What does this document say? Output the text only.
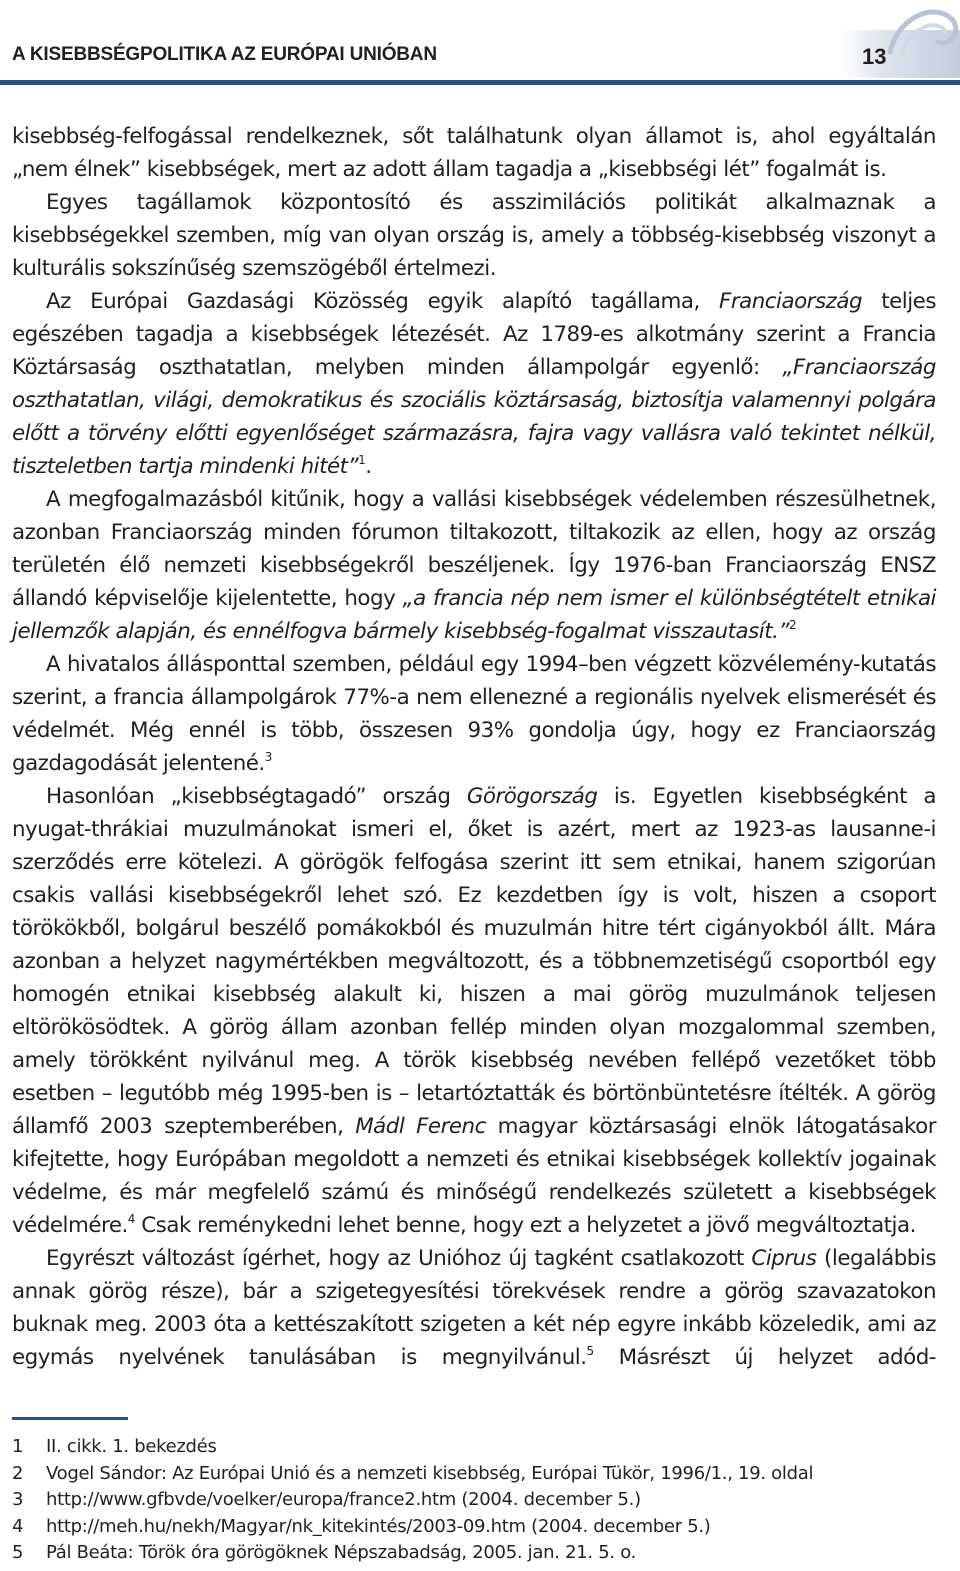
A KISEBBSÉGPOLITIKA AZ EURÓPAI UNIÓBAN	13

kisebbség-felfogással rendelkeznek, sőt találhatunk olyan államot is, ahol egyáltalán „nem élnek” kisebbségek, mert az adott állam tagadja a „kisebbségi lét” fogalmát is.

Egyes tagállamok központosító és asszimilációs politikát alkalmaznak a kisebbségekkel szemben, míg van olyan ország is, amely a többség-kisebbség viszonyt a kulturális sokszínűség szemszögéből értelmezi.

Az Európai Gazdasági Közösség egyik alapító tagállama, Franciaország teljes egészében tagadja a kisebbségek létezését. Az 1789-es alkotmány szerint a Francia Köztársaság oszthatatlan, melyben minden állampolgár egyenlő: „Franciaország oszthatatlan, világi, demokratikus és szociális köztársaság, biztosítja valamennyi polgára előtt a törvény előtti egyenlőséget származásra, fajra vagy vallásra való tekintet nélkül, tiszteletben tartja mindenki hitét”$^1$.

A megfogalmazásból kitűnik, hogy a vallási kisebbségek védelemben részesülhetnek, azonban Franciaország minden fórumon tiltakozott, tiltakozik az ellen, hogy az ország területén élő nemzeti kisebbségekről beszéljenek. Így 1976-ban Franciaország ENSZ állandó képviselője kijelentette, hogy „a francia nép nem ismer el különbségtételt etnikai jellemzők alapján, és ennélfogva bármely kisebbség-fogalmat visszautasít.”$^2$

A hivatalos állásponttal szemben, például egy 1994–ben végzett közvélemény-kutatás szerint, a francia állampolgárok 77%-a nem ellenezné a regionális nyelvek elismerését és védelmét. Még ennél is több, összesen 93% gondolja úgy, hogy ez Franciaország gazdagodását jelentené.$^3$

Hasonlóan „kisebbségtagadó” ország Görögország is. Egyetlen kisebbségként a nyugat-thrákiai muzulmánokat ismeri el, őket is azért, mert az 1923-as lausanne-i szerződés erre kötelezi. A görögök felfogása szerint itt sem etnikai, hanem szigorúan csakis vallási kisebbségekről lehet szó. Ez kezdetben így is volt, hiszen a csoport törökökből, bolgárul beszélő pomákokból és muzulmán hitre tért cigányokból állt. Mára azonban a helyzet nagymértékben megváltozott, és a többnemzetiségű csoportból egy homogén etnikai kisebbség alakult ki, hiszen a mai görög muzulmánok teljesen eltörökösödtek. A görög állam azonban fellép minden olyan mozgalommal szemben, amely törökként nyilvánul meg. A török kisebbség nevében fellépő vezetőket több esetben – legutóbb még 1995-ben is – letartóztatták és börtönbüntetésre ítélték. A görög államfő 2003 szeptemberében, Mádl Ferenc magyar köztársasági elnök látogatásakor kifejtette, hogy Európában megoldott a nemzeti és etnikai kisebbségek kollektív jogainak védelme, és már megfelelő számú és minőségű rendelkezés született a kisebbségek védelmére.$^4$ Csak reménykedni lehet benne, hogy ezt a helyzetet a jövő megváltoztatja.

Egyrészt változást ígérhet, hogy az Unióhoz új tagként csatlakozott Ciprus (legalábbis annak görög része), bár a szigetegyesítési törekvések rendre a görög szavazatokon buknak meg. 2003 óta a kettészakított szigeten a két nép egyre inkább közeledik, ami az egymás nyelvének tanulásában is megnyilvánul.$^5$ Másrészt új helyzet adód-

1	II. cikk. 1. bekezdés
2	Vogel Sándor: Az Európai Unió és a nemzeti kisebbség, Európai Tükör, 1996/1., 19. oldal
3	http://www.gfbvde/voelker/europa/france2.htm (2004. december 5.)
4	http://meh.hu/nekh/Magyar/nk_kitekintés/2003-09.htm (2004. december 5.)
5	Pál Beáta: Török óra görögöknek Népszabadság, 2005. jan. 21. 5. o.
